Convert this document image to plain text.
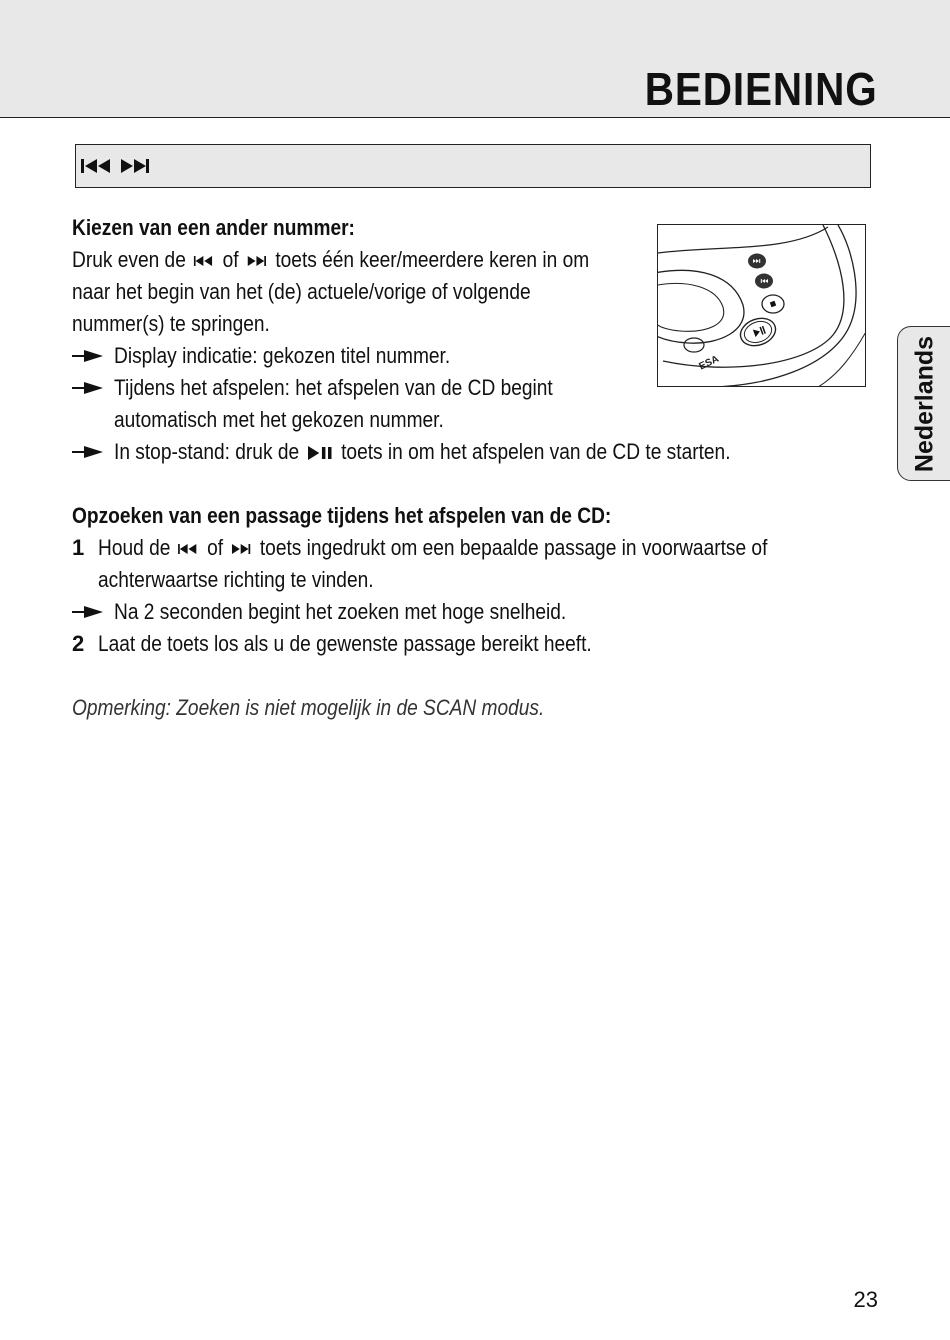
BEDIENING
ESA
Kiezen van een ander nummer:
Druk even de of toets één keer/meerdere keren in om
naar het begin van het (de) actuele/vorige of volgende
nummer(s) te springen.
Display indicatie: gekozen titel nummer.
Tijdens het afspelen: het afspelen van de CD begint
automatisch met het gekozen nummer.
In stop-stand: druk de toets in om het afspelen van de CD te starten.
Opzoeken van een passage tijdens het afspelen van de CD:
1 Houd de of toets ingedrukt om een bepaalde passage in voorwaartse of
achterwaartse richting te vinden.
Na 2 seconden begint het zoeken met hoge snelheid.
2 Laat de toets los als u de gewenste passage bereikt heeft.
Opmerking: Zoeken is niet mogelijk in de SCAN modus.
Nederlands
23
